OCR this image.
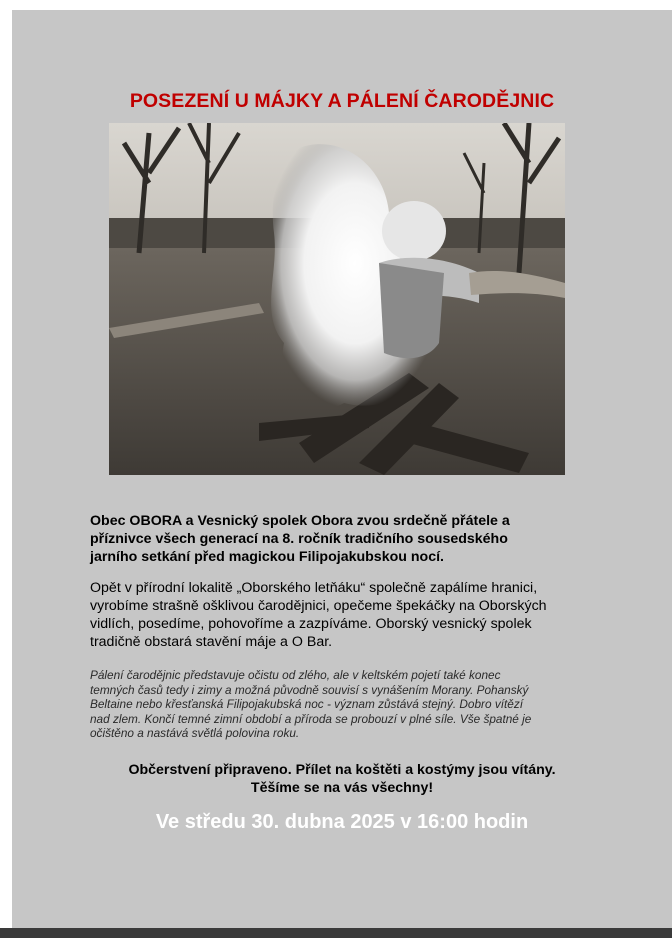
POSEZENÍ U MÁJKY A PÁLENÍ ČARODĚJNIC

Obec OBORA a Vesnický spolek Obora zvou srdečně přátele a
příznivce všech generací na 8. ročník tradičního sousedského
jarního setkání před magickou Filipojakubskou nocí.

Opět v přírodní lokalitě „Oborského letňáku“ společně zapálíme hranici,
vyrobíme strašně ošklivou čarodějnici, opečeme špekáčky na Oborských
vidlích, posedíme, pohovoříme a zazpíváme. Oborský vesnický spolek
tradičně obstará stavění máje a O Bar.

Pálení čarodějnic představuje očistu od zlého, ale v keltském pojetí také konec
temných časů tedy i zimy a možná původně souvisí s vynášením Morany. Pohanský
Beltaine nebo křesťanská Filipojakubská noc - význam zůstává stejný. Dobro vítězí
nad zlem. Končí temné zimní období a příroda se probouzí v plné síle. Vše špatné je
očištěno a nastává světlá polovina roku.

Občerstvení připraveno. Přílet na koštěti a kostýmy jsou vítány.
Těšíme se na vás všechny!

Ve středu 30. dubna 2025 v 16:00 hodin
